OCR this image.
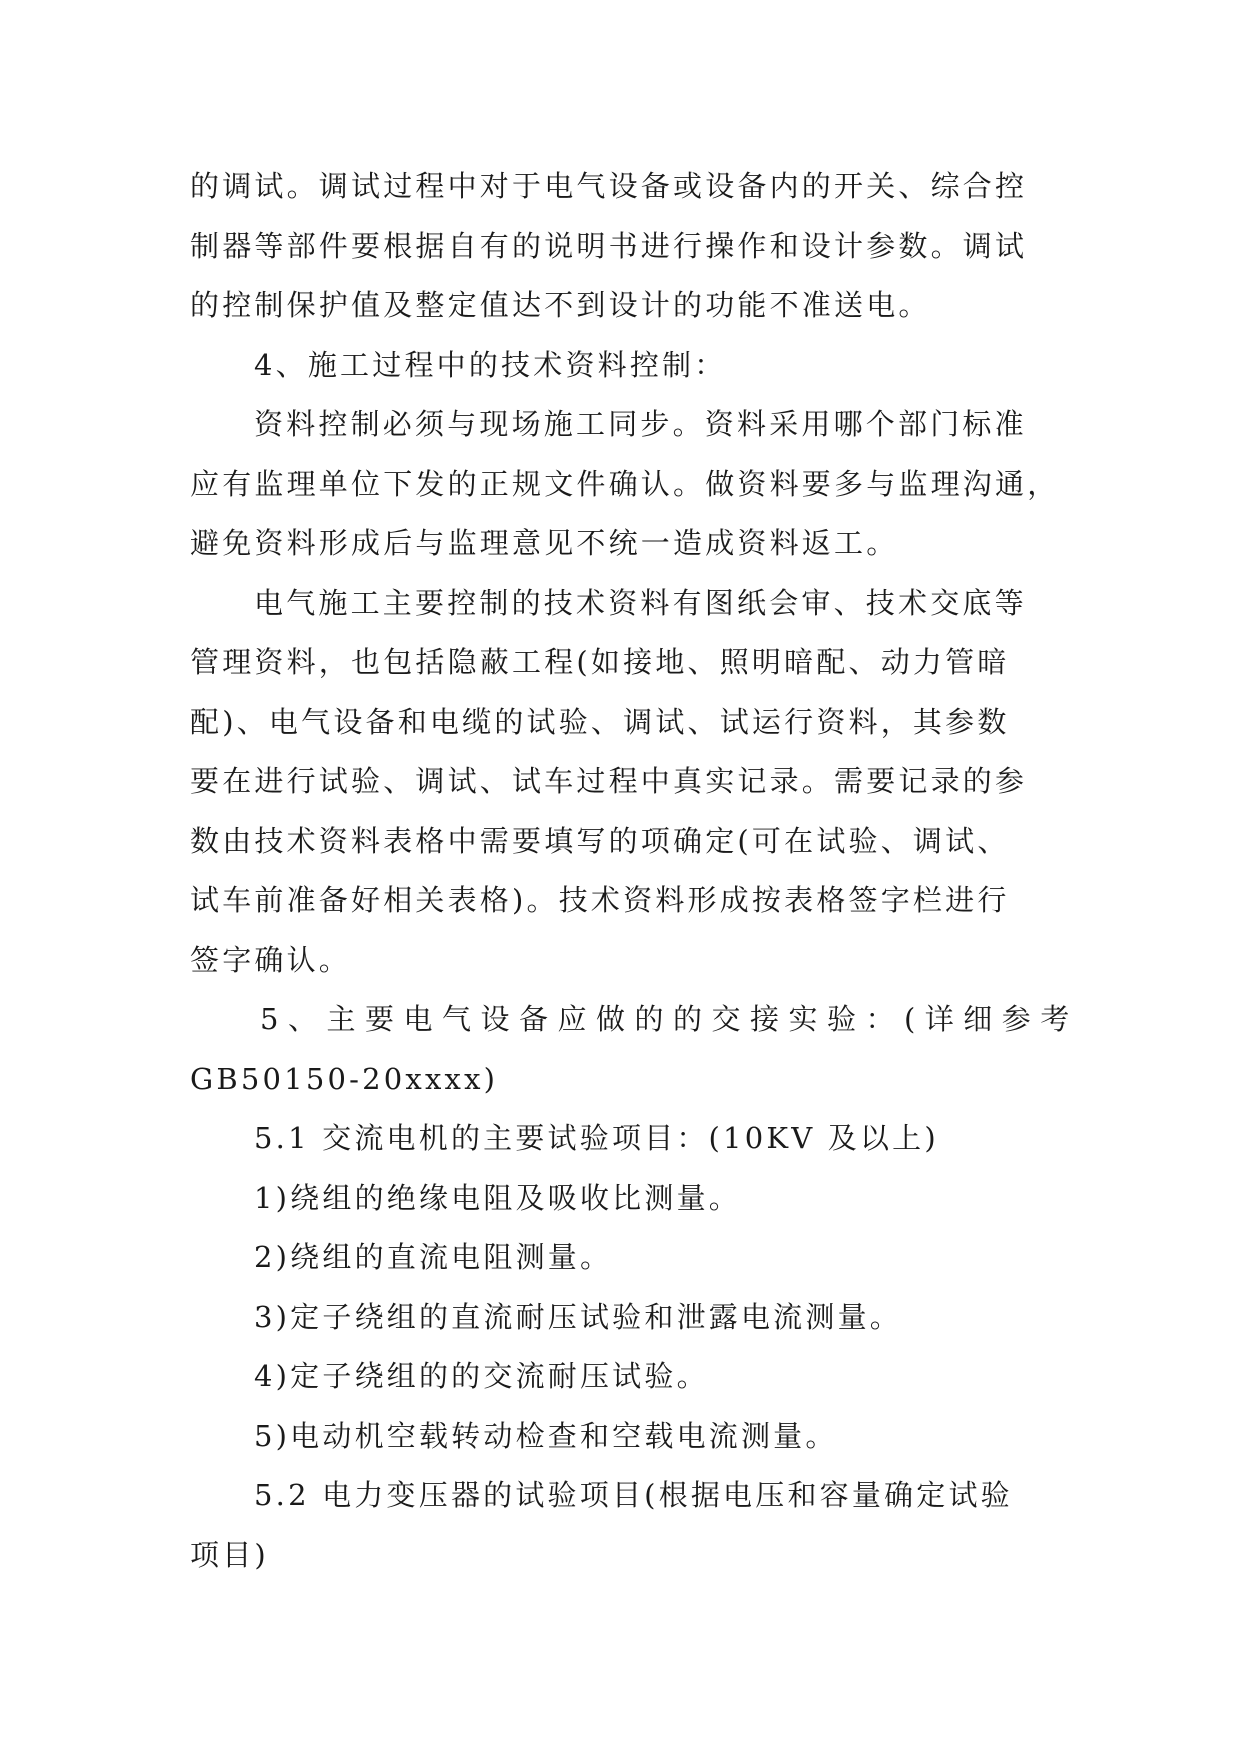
的调试。调试过程中对于电气设备或设备内的开关、综合控
制器等部件要根据自有的说明书进行操作和设计参数。调试
的控制保护值及整定值达不到设计的功能不准送电。

4、施工过程中的技术资料控制：

资料控制必须与现场施工同步。资料采用哪个部门标准
应有监理单位下发的正规文件确认。做资料要多与监理沟通，
避免资料形成后与监理意见不统一造成资料返工。

电气施工主要控制的技术资料有图纸会审、技术交底等
管理资料，也包括隐蔽工程(如接地、照明暗配、动力管暗
配)、电气设备和电缆的试验、调试、试运行资料，其参数
要在进行试验、调试、试车过程中真实记录。需要记录的参
数由技术资料表格中需要填写的项确定(可在试验、调试、
试车前准备好相关表格)。技术资料形成按表格签字栏进行
签字确认。

5、主要电气设备应做的的交接实验：(详细参考
GB50150-20xxxx)

5.1 交流电机的主要试验项目：(10KV 及以上)

1)绕组的绝缘电阻及吸收比测量。

2)绕组的直流电阻测量。

3)定子绕组的直流耐压试验和泄露电流测量。

4)定子绕组的的交流耐压试验。

5)电动机空载转动检查和空载电流测量。

5.2 电力变压器的试验项目(根据电压和容量确定试验
项目)
